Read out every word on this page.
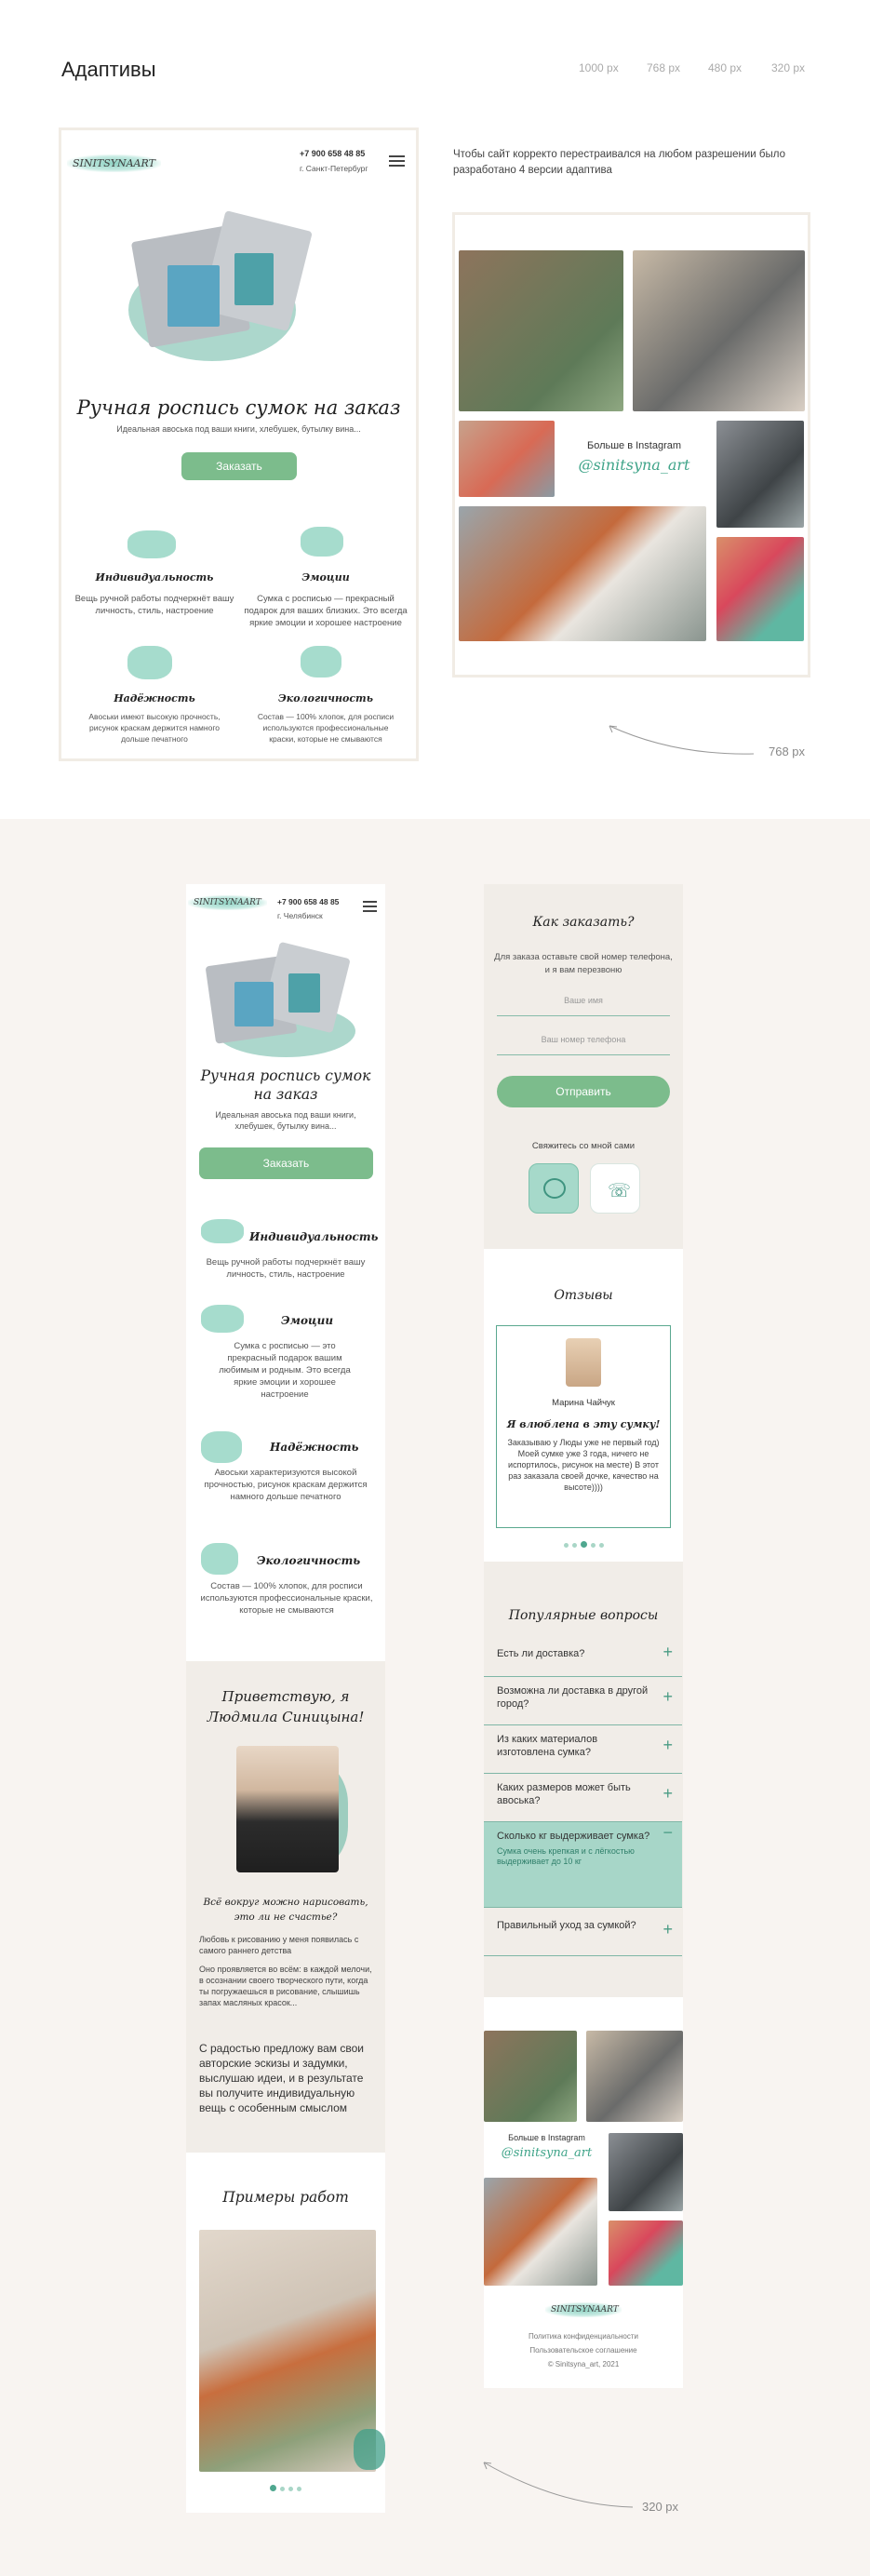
Адаптивы	1000 px	768 px 480 px	320 px
Чтобы сайт корректо перестраивался на любом разрешении было разработано 4 версии адаптива
SINITSYNAART
+7 900 658 48 85
г. Санкт-Петербург
Ручная роспись сумок на заказ
Идеальная авоська под ваши книги, хлебушек, бутылку вина...
Заказать
Индивидуальность	Эмоции
Вещь ручной работы подчеркнёт вашу личность, стиль, настроение
Сумка с росписью — прекрасный подарок для ваших близких. Это всегда яркие эмоции и хорошее настроение
Надёжность	Экологичность
Авоськи имеют высокую прочность, рисунок краскам держится намного дольше печатного
Состав — 100% хлопок, для росписи используются профессиональные краски, которые не смываются
Больше в Instagram
@sinitsyna_art
768 px
SINITSYNAART	+7 900 658 48 85
г. Челябинск
Ручная роспись сумок на заказ
Идеальная авоська под ваши книги, хлебушек, бутылку вина...
Заказать
Индивидуальность
Вещь ручной работы подчеркнёт вашу личность, стиль, настроение
Эмоции
Сумка с росписью — это прекрасный подарок вашим любимым и родным. Это всегда яркие эмоции и хорошее настроение
Надёжность
Авоськи характеризуются высокой прочностью, рисунок краскам держится намного дольше печатного
Экологичность
Состав — 100% хлопок, для росписи используются профессиональные краски, которые не смываются
Приветствую, я Людмила Синицына!
Всё вокруг можно нарисовать, это ли не счастье?
Любовь к рисованию у меня появилась с самого раннего детства
Оно проявляется во всём: в каждой мелочи, в осознании своего творческого пути, когда ты погружаешься в рисование, слышишь запах масляных красок...
С радостью предложу вам свои авторские эскизы и задумки, выслушаю идеи, и в результате вы получите индивидуальную вещь с особенным смыслом
Примеры работ
320 px
Как заказать?
Для заказа оставьте свой номер телефона, и я вам перезвоню
Ваше имя
Ваш номер телефона
Отправить
Свяжитесь со мной сами
☏
Отзывы
Марина Чайчук
Я влюблена в эту сумку!
Заказываю у Люды уже не первый год) Моей сумке уже 3 года, ничего не испортилось, рисунок на месте) В этот раз заказала своей дочке, качество на высоте))))
Популярные вопросы
Есть ли доставка?	+
Возможна ли доставка в другой город?	+
Из каких материалов изготовлена сумка?	+
Каких размеров может быть авоська?	+
Сколько кг выдерживает сумка? −
Сумка очень крепкая и с лёгкостью выдерживает до 10 кг
Правильный уход за сумкой? +
Больше в Instagram
@sinitsyna_art
SINITSYNAART
Политика конфиденциальности
Пользовательское соглашение
© Sinitsyna_art, 2021
